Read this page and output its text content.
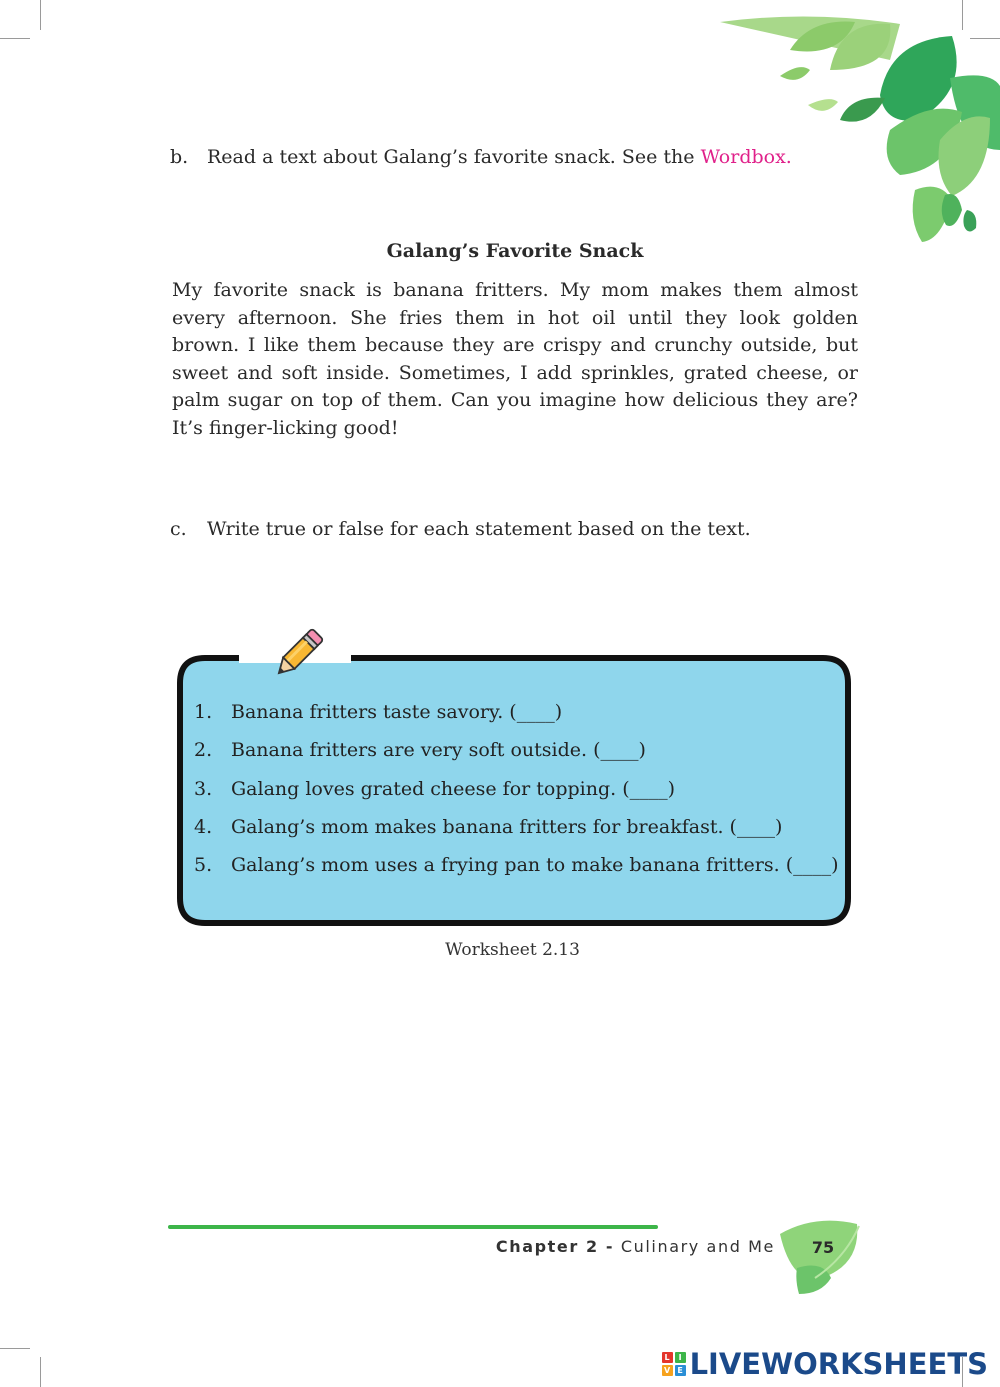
b. Read a text about Galang’s favorite snack. See the Wordbox.
Galang’s Favorite Snack
My favorite snack is banana fritters. My mom makes them almost every afternoon. She fries them in hot oil until they look golden brown. I like them because they are crispy and crunchy outside, but sweet and soft inside. Sometimes, I add sprinkles, grated cheese, or palm sugar on top of them. Can you imagine how delicious they are? It’s finger-licking good!
c. Write true or false for each statement based on the text.
1. Banana fritters taste savory. (____)
2. Banana fritters are very soft outside. (____)
3. Galang loves grated cheese for topping. (____)
4. Galang’s mom makes banana fritters for breakfast. (____)
5. Galang’s mom uses a frying pan to make banana fritters. (____)
Worksheet 2.13
Chapter 2 - Culinary and Me	75
L	I
V E LIVEWORKSHEETS
